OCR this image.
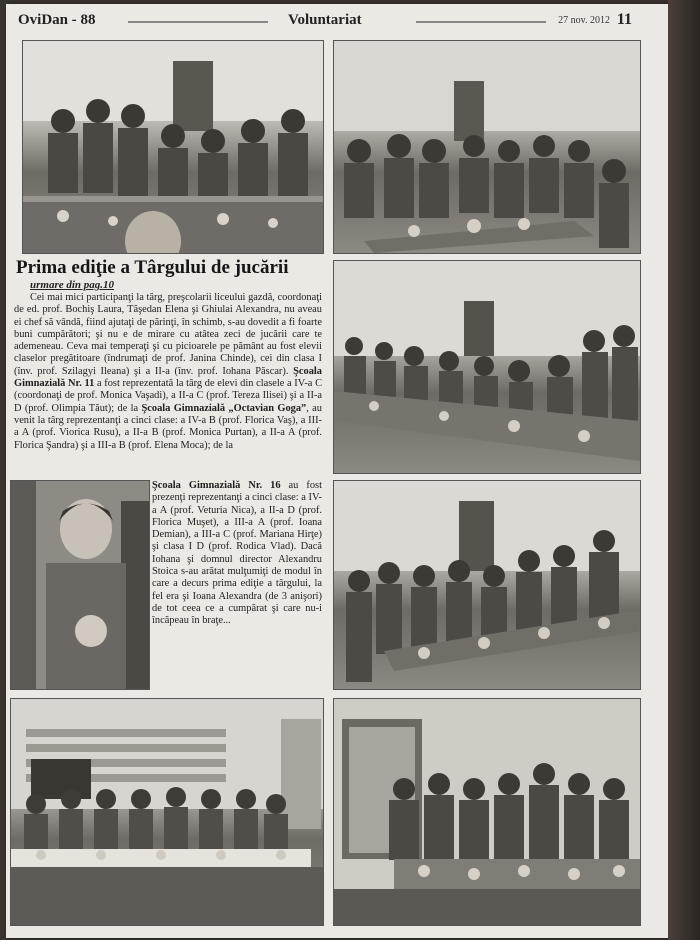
OviDan - 88	Voluntariat	27 nov. 2012 11
Prima ediţie a Târgului de jucării
urmare din pag.10
Cei mai mici participanţi la târg, preşcolarii liceului gazdă, coordonaţi de ed. prof. Bochiş Laura, Tăşedan Elena şi Ghiulai Alexandra, nu aveau ei chef să vândă, fiind ajutaţi de părinţi, în schimb, s-au dovedit a fi foarte buni cumpărători; şi nu e de mirare cu atâtea zeci de jucării care te ademeneau. Ceva mai temperaţi şi cu picioarele pe pământ au fost elevii claselor pregătitoare (îndrumaţi de prof. Janina Chinde), cei din clasa I (înv. prof. Szilagyi Ileana) şi a II-a (înv. prof. Iohana Păscar). Şcoala Gimnazială Nr. 11 a fost reprezentată la târg de elevi din clasele a IV-a C (coordonaţi de prof. Monica Vaşadi), a II-a C (prof. Tereza Ilisei) şi a II-a D (prof. Olimpia Tăut); de la Şcoala Gimnazială „Octavian Goga”, au venit la târg reprezentanţi a cinci clase: a IV-a B (prof. Florica Vaş), a III-a A (prof. Viorica Rusu), a II-a B (prof. Monica Purtan), a II-a A (prof. Florica Şandra) şi a III-a B (prof. Elena Moca); de la
Şcoala Gimnazială Nr. 16 au fost prezenţi reprezentanţi a cinci clase: a IV-a A (prof. Veturia Nica), a II-a D (prof. Florica Muşet), a III-a A (prof. Ioana Demian), a III-a C (prof. Mariana Hirţe) şi clasa I D (prof. Rodica Vlad). Dacă Iohana şi domnul director Alexandru Stoica s-au arătat mulţumiţi de modul în care a decurs prima ediţie a târgului, la fel era şi Ioana Alexandra (de 3 anişori) de tot ceea ce a cumpărat şi care nu-i încăpeau în braţe...
